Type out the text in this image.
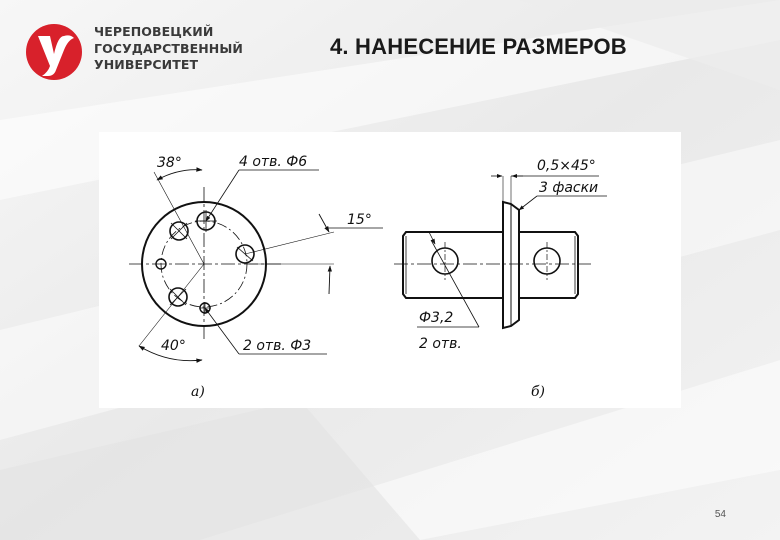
ЧЕРЕПОВЕЦКИЙ
ГОСУДАРСТВЕННЫЙ
УНИВЕРСИТЕТ
4. НАНЕСЕНИЕ РАЗМЕРОВ
38°	4 отв. Ф6
15°
40°	2 отв. Ф3
а)
0,5×45°
3 фаски
Ф3,2
2 отв.
б)
54
